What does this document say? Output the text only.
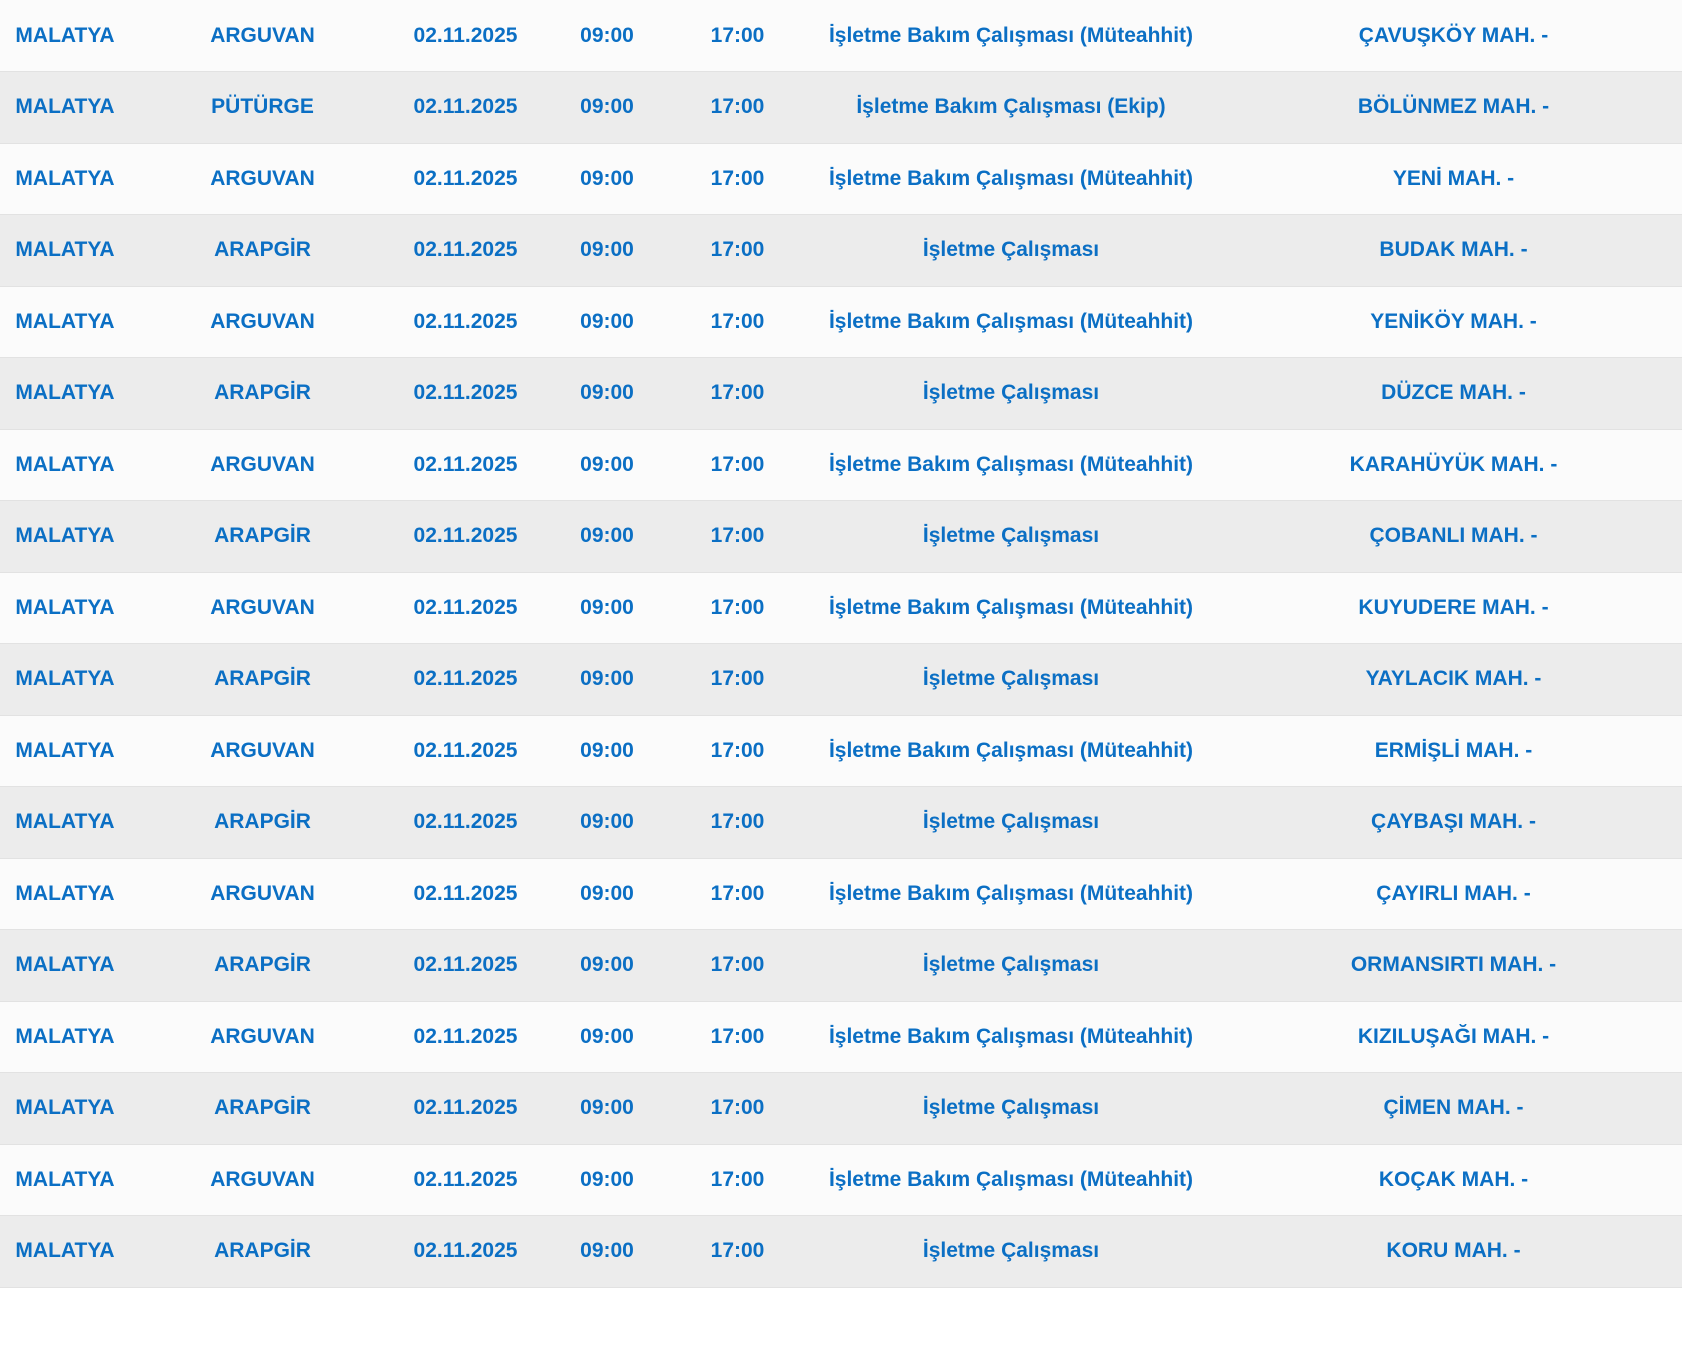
MALATYA	ARGUVAN	02.11.2025	09:00	17:00	İşletme Bakım Çalışması (Müteahhit)	ÇAVUŞKÖY MAH. -
MALATYA	PÜTÜRGE	02.11.2025	09:00	17:00	İşletme Bakım Çalışması (Ekip)	BÖLÜNMEZ MAH. -
MALATYA	ARGUVAN	02.11.2025	09:00	17:00	İşletme Bakım Çalışması (Müteahhit)	YENİ MAH. -
MALATYA	ARAPGİR	02.11.2025	09:00	17:00	İşletme Çalışması	BUDAK MAH. -
MALATYA	ARGUVAN	02.11.2025	09:00	17:00	İşletme Bakım Çalışması (Müteahhit)	YENİKÖY MAH. -
MALATYA	ARAPGİR	02.11.2025	09:00	17:00	İşletme Çalışması	DÜZCE MAH. -
MALATYA	ARGUVAN	02.11.2025	09:00	17:00	İşletme Bakım Çalışması (Müteahhit)	KARAHÜYÜK MAH. -
MALATYA	ARAPGİR	02.11.2025	09:00	17:00	İşletme Çalışması	ÇOBANLI MAH. -
MALATYA	ARGUVAN	02.11.2025	09:00	17:00	İşletme Bakım Çalışması (Müteahhit)	KUYUDERE MAH. -
MALATYA	ARAPGİR	02.11.2025	09:00	17:00	İşletme Çalışması	YAYLACIK MAH. -
MALATYA	ARGUVAN	02.11.2025	09:00	17:00	İşletme Bakım Çalışması (Müteahhit)	ERMİŞLİ MAH. -
MALATYA	ARAPGİR	02.11.2025	09:00	17:00	İşletme Çalışması	ÇAYBAŞI MAH. -
MALATYA	ARGUVAN	02.11.2025	09:00	17:00	İşletme Bakım Çalışması (Müteahhit)	ÇAYIRLI MAH. -
MALATYA	ARAPGİR	02.11.2025	09:00	17:00	İşletme Çalışması	ORMANSIRTI MAH. -
MALATYA	ARGUVAN	02.11.2025	09:00	17:00	İşletme Bakım Çalışması (Müteahhit)	KIZILUŞAĞI MAH. -
MALATYA	ARAPGİR	02.11.2025	09:00	17:00	İşletme Çalışması	ÇİMEN MAH. -
MALATYA	ARGUVAN	02.11.2025	09:00	17:00	İşletme Bakım Çalışması (Müteahhit)	KOÇAK MAH. -
MALATYA	ARAPGİR	02.11.2025	09:00	17:00	İşletme Çalışması	KORU MAH. -
